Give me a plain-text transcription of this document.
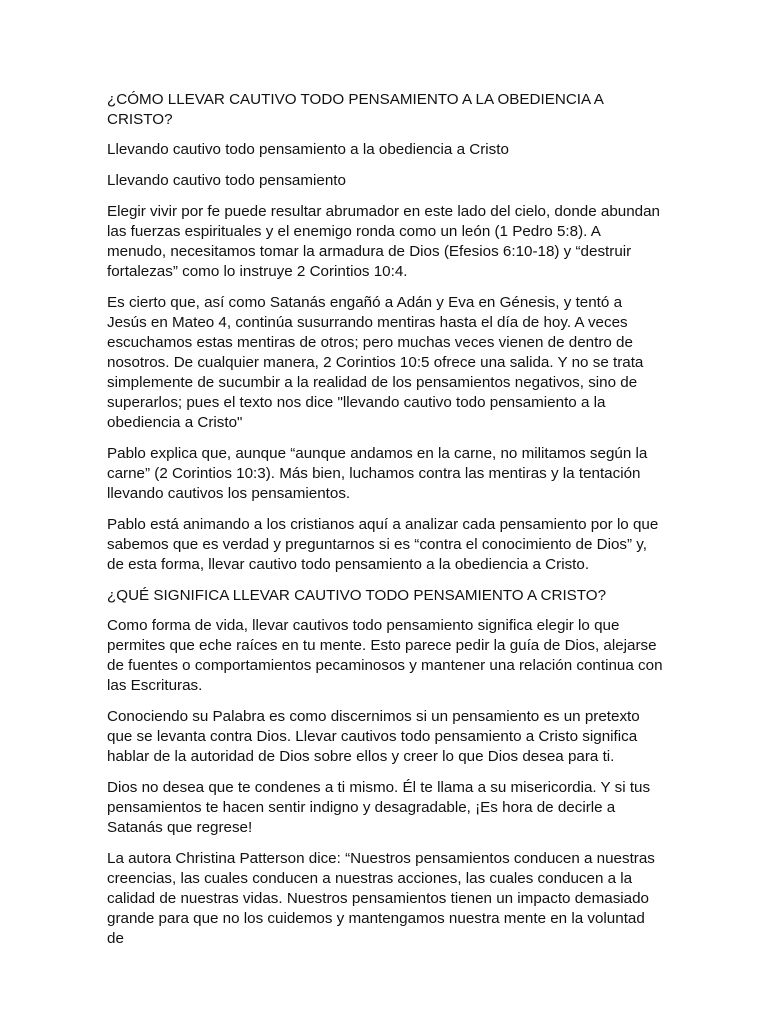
¿CÓMO LLEVAR CAUTIVO TODO PENSAMIENTO A LA OBEDIENCIA A CRISTO?

Llevando cautivo todo pensamiento a la obediencia a Cristo

Llevando cautivo todo pensamiento

Elegir vivir por fe puede resultar abrumador en este lado del cielo, donde abundan las fuerzas espirituales y el enemigo ronda como un león (1 Pedro 5:8). A menudo, necesitamos tomar la armadura de Dios (Efesios 6:10-18) y “destruir fortalezas” como lo instruye 2 Corintios 10:4.

Es cierto que, así como Satanás engañó a Adán y Eva en Génesis, y tentó a Jesús en Mateo 4, continúa susurrando mentiras hasta el día de hoy. A veces escuchamos estas mentiras de otros; pero muchas veces vienen de dentro de nosotros. De cualquier manera, 2 Corintios 10:5 ofrece una salida. Y no se trata simplemente de sucumbir a la realidad de los pensamientos negativos, sino de superarlos; pues el texto nos dice "llevando cautivo todo pensamiento a la obediencia a Cristo"

Pablo explica que, aunque “aunque andamos en la carne, no militamos según la carne” (2 Corintios 10:3). Más bien, luchamos contra las mentiras y la tentación llevando cautivos los pensamientos.

Pablo está animando a los cristianos aquí a analizar cada pensamiento por lo que sabemos que es verdad y preguntarnos si es “contra el conocimiento de Dios” y, de esta forma, llevar cautivo todo pensamiento a la obediencia a Cristo.

¿QUÉ SIGNIFICA LLEVAR CAUTIVO TODO PENSAMIENTO A CRISTO?

Como forma de vida, llevar cautivos todo pensamiento significa elegir lo que permites que eche raíces en tu mente. Esto parece pedir la guía de Dios, alejarse de fuentes o comportamientos pecaminosos y mantener una relación continua con las Escrituras.

Conociendo su Palabra es como discernimos si un pensamiento es un pretexto que se levanta contra Dios. Llevar cautivos todo pensamiento a Cristo significa hablar de la autoridad de Dios sobre ellos y creer lo que Dios desea para ti.

Dios no desea que te condenes a ti mismo. Él te llama a su misericordia. Y si tus pensamientos te hacen sentir indigno y desagradable, ¡Es hora de decirle a Satanás que regrese!

La autora Christina Patterson dice: “Nuestros pensamientos conducen a nuestras creencias, las cuales conducen a nuestras acciones, las cuales conducen a la calidad de nuestras vidas. Nuestros pensamientos tienen un impacto demasiado grande para que no los cuidemos y mantengamos nuestra mente en la voluntad de
